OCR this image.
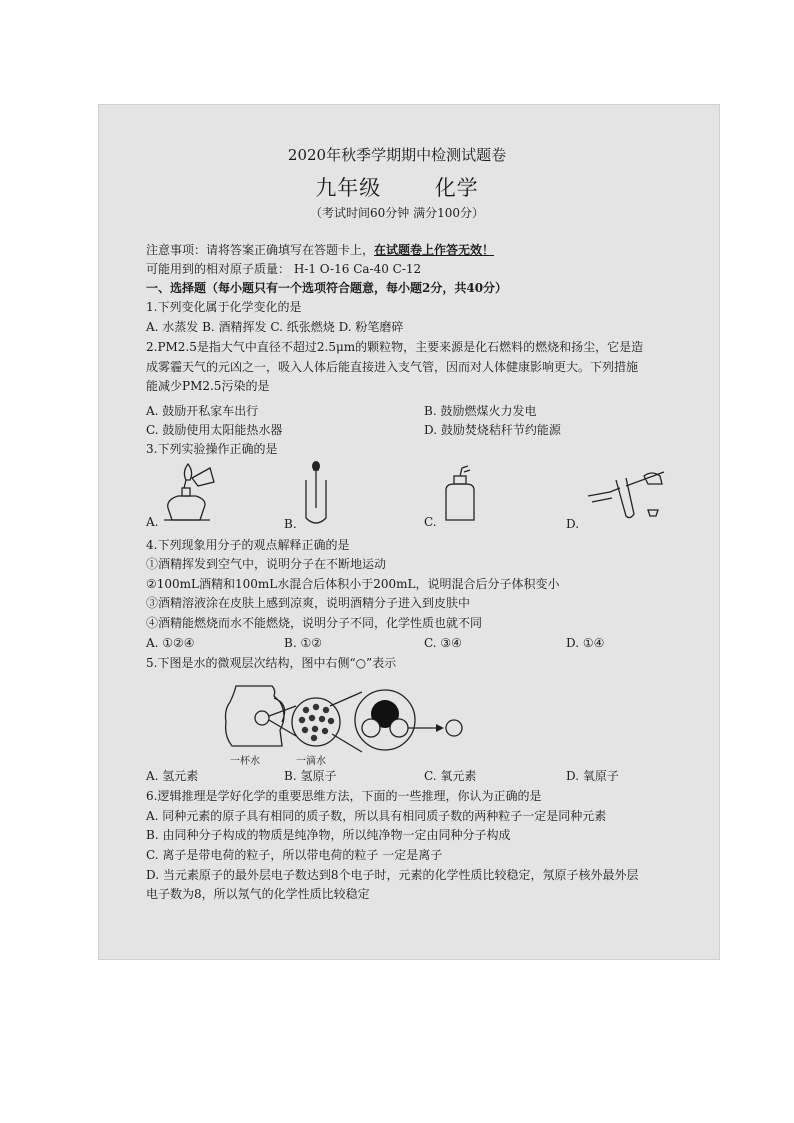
2020年秋季学期期中检测试题卷
九年级	化学
（考试时间60分钟 满分100分）
注意事项：请将答案正确填写在答题卡上，在试题卷上作答无效！
可能用到的相对原子质量： H-1 O-16 Ca-40 C-12
一、选择题（每小题只有一个选项符合题意，每小题2分，共40分）
1.下列变化属于化学变化的是
A. 水蒸发 B. 酒精挥发 C. 纸张燃烧 D. 粉笔磨碎
2.PM2.5是指大气中直径不超过2.5μm的颗粒物，主要来源是化石燃料的燃烧和扬尘，它是造
成雾霾天气的元凶之一，吸入人体后能直接进入支气管，因而对人体健康影响更大。下列措施
能减少PM2.5污染的是
A. 鼓励开私家车出行	B. 鼓励燃煤火力发电
C. 鼓励使用太阳能热水器	D. 鼓励焚烧秸秆节约能源
3.下列实验操作正确的是
A.	B.	C.	D.
4.下列现象用分子的观点解释正确的是
①酒精挥发到空气中，说明分子在不断地运动
②100mL酒精和100mL水混合后体积小于200mL，说明混合后分子体积变小
③酒精溶液涂在皮肤上感到凉爽，说明酒精分子进入到皮肤中
④酒精能燃烧而水不能燃烧，说明分子不同，化学性质也就不同
A. ①②④	B. ①②	C. ③④	D. ①④
5.下图是水的微观层次结构，图中右侧“○”表示
一杯水	一滴水
A. 氢元素	B. 氢原子	C. 氧元素	D. 氧原子
6.逻辑推理是学好化学的重要思维方法，下面的一些推理，你认为正确的是
A. 同种元素的原子具有相同的质子数，所以具有相同质子数的两种粒子一定是同种元素
B. 由同种分子构成的物质是纯净物，所以纯净物一定由同种分子构成
C. 离子是带电荷的粒子，所以带电荷的粒子 一定是离子
D. 当元素原子的最外层电子数达到8个电子时，元素的化学性质比较稳定，氖原子核外最外层
电子数为8，所以氖气的化学性质比较稳定
